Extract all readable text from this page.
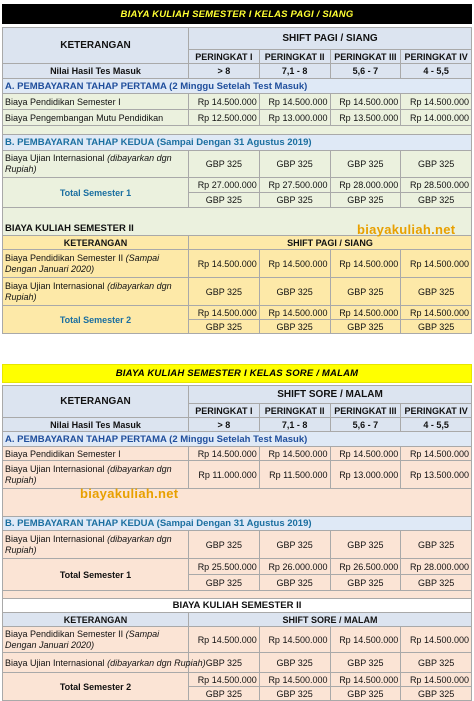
BIAYA KULIAH SEMESTER I KELAS PAGI / SIANG				

KETERANGAN	SHIFT PAGI / SIANG			
	PERINGKAT I	PERINGKAT II	PERINGKAT III	PERINGKAT IV
Nilai Hasil Tes Masuk	> 8	7,1 - 8	5,6 - 7	4 - 5,5
A. PEMBAYARAN TAHAP PERTAMA (2 Minggu Setelah Test Masuk)				
Biaya Pendidikan Semester I	Rp 14.500.000	Rp 14.500.000	Rp 14.500.000	Rp 14.500.000
Biaya Pengembangan Mutu Pendidikan	Rp 12.500.000	Rp 13.000.000	Rp 13.500.000	Rp 14.000.000

B. PEMBAYARAN TAHAP KEDUA (Sampai Dengan 31 Agustus 2019)				
Biaya Ujian Internasional (dibayarkan dgn Rupiah)	GBP 325	GBP 325	GBP 325	GBP 325
Total Semester 1	Rp 27.000.000	Rp 27.500.000	Rp 28.000.000	Rp 28.500.000
	GBP 325	GBP 325	GBP 325	GBP 325

BIAYA KULIAH SEMESTER II				
KETERANGAN	SHIFT PAGI / SIANG			
Biaya Pendidikan Semester II (Sampai Dengan Januari 2020)	Rp 14.500.000	Rp 14.500.000	Rp 14.500.000	Rp 14.500.000
Biaya Ujian Internasional (dibayarkan dgn Rupiah)	GBP 325	GBP 325	GBP 325	GBP 325
Total Semester 2	Rp 14.500.000	Rp 14.500.000	Rp 14.500.000	Rp 14.500.000
	GBP 325	GBP 325	GBP 325	GBP 325
biayakuliah.net
BIAYA KULIAH SEMESTER I KELAS SORE / MALAM				

KETERANGAN	SHIFT SORE / MALAM			
	PERINGKAT I	PERINGKAT II	PERINGKAT III	PERINGKAT IV
Nilai Hasil Tes Masuk	> 8	7,1 - 8	5,6 - 7	4 - 5,5
A. PEMBAYARAN TAHAP PERTAMA (2 Minggu Setelah Test Masuk)				
Biaya Pendidikan Semester I	Rp 14.500.000	Rp 14.500.000	Rp 14.500.000	Rp 14.500.000
Biaya Ujian Internasional (dibayarkan dgn Rupiah)	Rp 11.000.000	Rp 11.500.000	Rp 13.000.000	Rp 13.500.000

B. PEMBAYARAN TAHAP KEDUA (Sampai Dengan 31 Agustus 2019)				
Biaya Ujian Internasional (dibayarkan dgn Rupiah)	GBP 325	GBP 325	GBP 325	GBP 325
Total Semester 1	Rp 25.500.000	Rp 26.000.000	Rp 26.500.000	Rp 28.000.000
	GBP 325	GBP 325	GBP 325	GBP 325

BIAYA KULIAH SEMESTER II				
KETERANGAN	SHIFT SORE / MALAM			
Biaya Pendidikan Semester II (Sampai Dengan Januari 2020)	Rp 14.500.000	Rp 14.500.000	Rp 14.500.000	Rp 14.500.000
Biaya Ujian Internasional (dibayarkan dgn Rupiah)	GBP 325	GBP 325	GBP 325	GBP 325
Total Semester 2	Rp 14.500.000	Rp 14.500.000	Rp 14.500.000	Rp 14.500.000
	GBP 325	GBP 325	GBP 325	GBP 325
biayakuliah.net
